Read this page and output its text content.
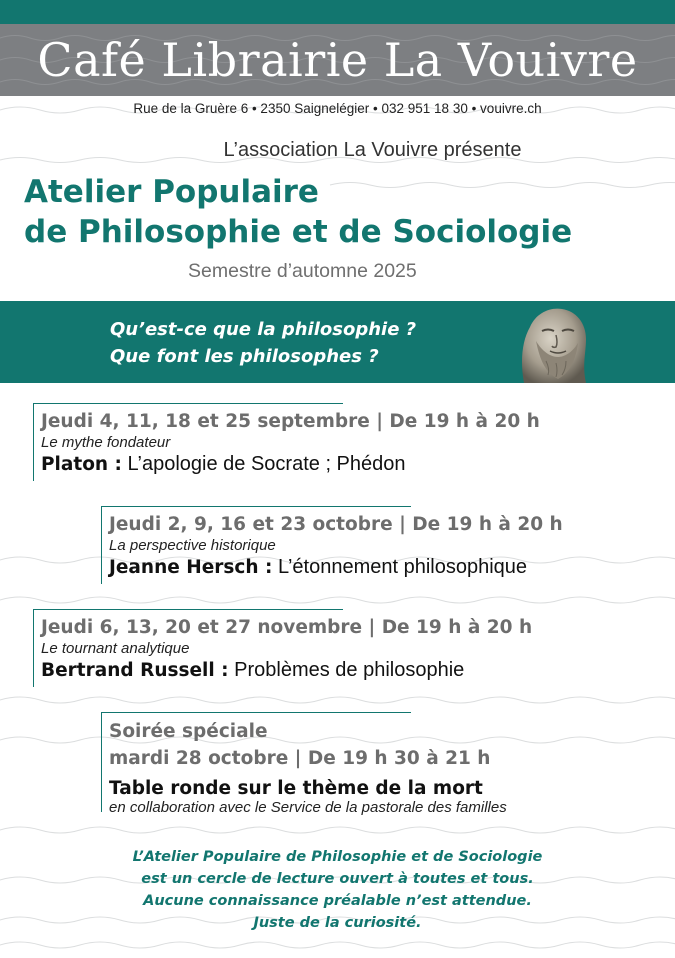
Café Librairie La Vouivre
Rue de la Gruère 6 • 2350 Saignelégier • 032 951 18 30 • vouivre.ch
L’association La Vouivre présente
Atelier Populaire
de Philosophie et de Sociologie
Semestre d’automne 2025
Qu’est-ce que la philosophie ?
Que font les philosophes ?
Jeudi 4, 11, 18 et 25 septembre | De 19 h à 20 h
Le mythe fondateur
Platon : L’apologie de Socrate ; Phédon
Jeudi 2, 9, 16 et 23 octobre | De 19 h à 20 h
La perspective historique
Jeanne Hersch : L’étonnement philosophique
Jeudi 6, 13, 20 et 27 novembre | De 19 h à 20 h
Le tournant analytique
Bertrand Russell : Problèmes de philosophie
Soirée spéciale
mardi 28 octobre | De 19 h 30 à 21 h
Table ronde sur le thème de la mort
en collaboration avec le Service de la pastorale des familles
L’Atelier Populaire de Philosophie et de Sociologie
est un cercle de lecture ouvert à toutes et tous.
Aucune connaissance préalable n’est attendue.
Juste de la curiosité.
